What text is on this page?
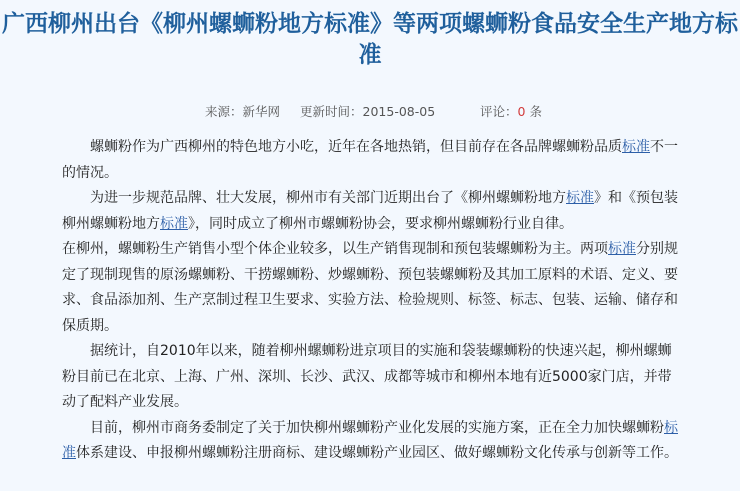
广西柳州出台《柳州螺蛳粉地方标准》等两项螺蛳粉食品安全生产地方标准
来源：新华网 更新时间：2015-08-05	评论：0 条

螺蛳粉作为广西柳州的特色地方小吃，近年在各地热销，但目前存在各品牌螺蛳粉品质标准不一的情况。

为进一步规范品牌、壮大发展，柳州市有关部门近期出台了《柳州螺蛳粉地方标准》和《预包装柳州螺蛳粉地方标准》，同时成立了柳州市螺蛳粉协会，要求柳州螺蛳粉行业自律。

在柳州，螺蛳粉生产销售小型个体企业较多，以生产销售现制和预包装螺蛳粉为主。两项标准分别规定了现制现售的原汤螺蛳粉、干捞螺蛳粉、炒螺蛳粉、预包装螺蛳粉及其加工原料的术语、定义、要求、食品添加剂、生产烹制过程卫生要求、实验方法、检验规则、标签、标志、包装、运输、储存和保质期。

据统计，自2010年以来，随着柳州螺蛳粉进京项目的实施和袋装螺蛳粉的快速兴起，柳州螺蛳粉目前已在北京、上海、广州、深圳、长沙、武汉、成都等城市和柳州本地有近5000家门店，并带动了配料产业发展。

目前，柳州市商务委制定了关于加快柳州螺蛳粉产业化发展的实施方案，正在全力加快螺蛳粉标准体系建设、申报柳州螺蛳粉注册商标、建设螺蛳粉产业园区、做好螺蛳粉文化传承与创新等工作。
